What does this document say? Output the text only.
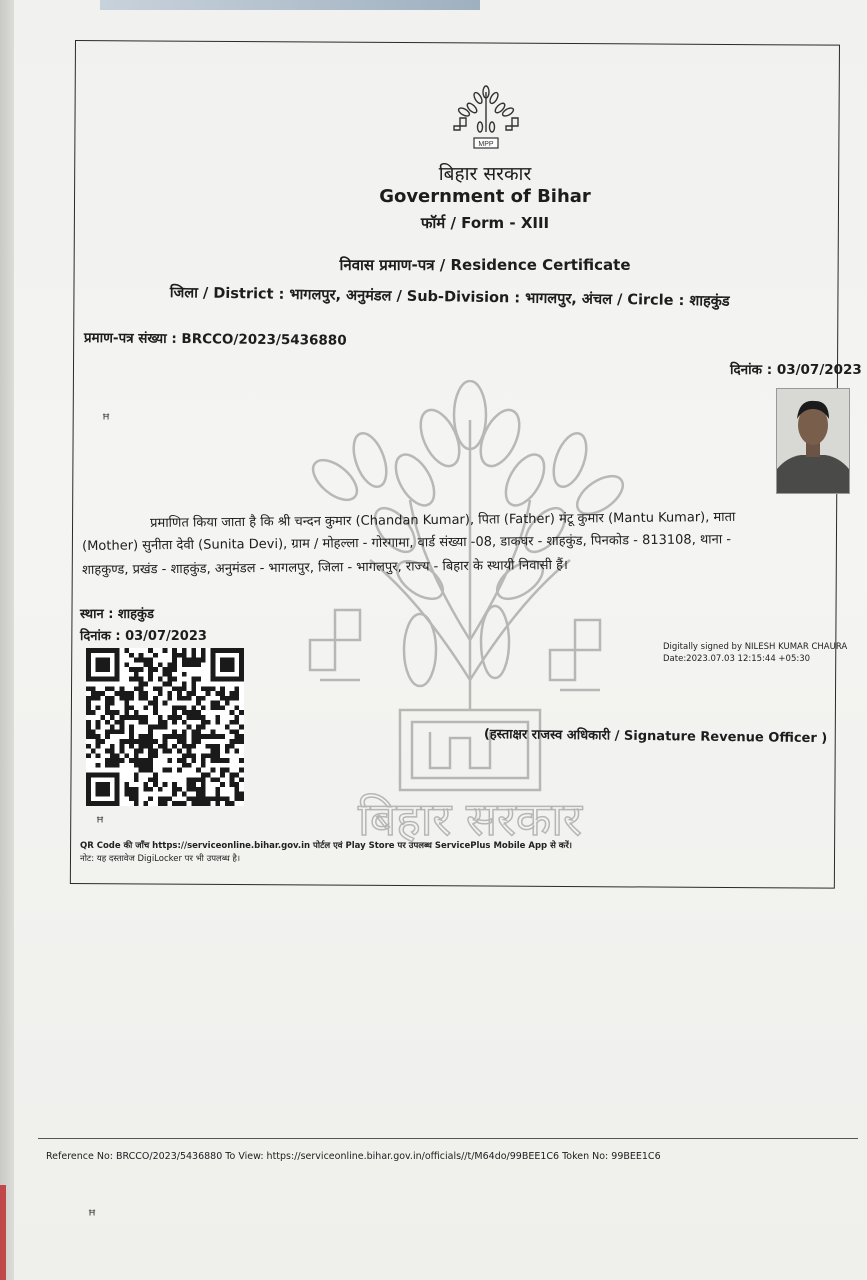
MPP
बिहार सरकार
Government of Bihar
फॉर्म / Form - XIII
निवास प्रमाण-पत्र / Residence Certificate
जिला / District : भागलपुर, अनुमंडल / Sub-Division : भागलपुर, अंचल / Circle : शाहकुंड
प्रमाण-पत्र संख्या : BRCCO/2023/5436880
दिनांक : 03/07/2023
बिहार सरकार
प्रमाणित किया जाता है कि श्री चन्दन कुमार (Chandan Kumar), पिता (Father) मंटू कुमार (Mantu Kumar), माता
(Mother) सुनीता देवी (Sunita Devi), ग्राम / मोहल्ला - गोरगामा, वार्ड संख्या -08, डाकघर - शाहकुंड, पिनकोड - 813108, थाना -
शाहकुण्ड, प्रखंड - शाहकुंड, अनुमंडल - भागलपुर, जिला - भागलपुर, राज्य - बिहार के स्थायी निवासी हैं।
स्थान : शाहकुंड
दिनांक : 03/07/2023
Digitally signed by NILESH KUMAR CHAURA
Date:2023.07.03 12:15:44 +05:30
(हस्ताक्षर राजस्व अधिकारी / Signature Revenue Officer )
QR Code की जाँच https://serviceonline.bihar.gov.in पोर्टल एवं Play Store पर उपलब्ध ServicePlus Mobile App से करें।
नोट: यह दस्तावेज DigiLocker पर भी उपलब्ध है।
Reference No: BRCCO/2023/5436880 To View: https://serviceonline.bihar.gov.in/officials//t/M64do/99BEE1C6 Token No: 99BEE1C6
ꟸ
ꟸ
ꟸ
